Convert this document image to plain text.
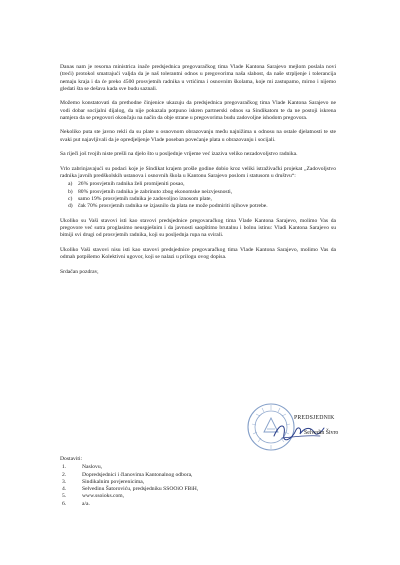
Danas nam je resorna ministrica inače predsjednica pregovaračkog tima Vlade Kantona Sarajevo mejlom poslala novi (treći) protokol smatrajući valjda da je naš tolerantni odnos u pregovorima naša slabost, da naše strpljenje i tolerancija nemaju kraja i da će preko 4500 prosvjetnih radnika u vrtićima i osnovnim školama, koje mi zastupamo, mirno i nijemo gledati šta se dešava kada sve budu saznali.

Možemo konstatovati da prethodne činjenice ukazuju da predsjednica pregovaračkog tima Vlade Kantona Sarajevo ne vodi dobar socijalni dijalog, da nije pokazala potpuno iskren partnerski odnos sa Sindikatom te da ne postoji iskrena namjera da se pregovori okončaju na način da obje strane u pregovorima budu zadovoljne ishodom pregovora.

Nekoliko puta ste javno rekli da su plate u osnovnom obrazovanju među najnižima u odnosu na ostale djelatnosti te ste svaki put najavljivali da je opredjeljenje Vlade poseban povećanje plata u obrazovanju i socijali.

Sa riječi još tvojih niste prešli na djelo što u posljednje vrijeme već izaziva veliko nezadovoljstvo radnika.

Vrlo zabrinjavajući su podaci koje je Sindikat krajem prošle godine dobio kroz veliki istraživački projekat „Zadovoljstvo radnika javnih predškolskih ustanova i osnovnih škola u Kantonu Sarajevo poslom i statusom u društvu“:

a)	26% prosvjetnih radnika želi promijeniti posao,
b) 80% prosvjetnih radnika je zabrinuto zbog ekonomske neizvjesnosti,
c)	samo 19% prosvjetnih radnika je zadovoljno iznosom plate,
d) čak 70% prosvjetnih radnika se izjasnilo da plata ne može podmiriti njihove potrebe.

Ukoliko su Vaši stavovi isti kao stavovi predsjednice pregovaračkog tima Vlade Kantona Sarajevo, molimo Vas da pregovore već sutra proglasimo neuspješnim i da javnosti saopštimo brutalnu i bolnu istinu: Vladi Kantona Sarajevo su bitniji svi drugi od prosvjetnih radnika, koji su posljednja rupa na svirali.

Ukoliko Vaši stavovi nisu isti kao stavovi predsjednice pregovaračkog tima Vlade Kantona Sarajevo, molimo Vas da odmah potpišemo Kolektivni ugovor, koji se nalazi u prilogu ovog dopisa.

Srdačan pozdrav,

PREDSJEDNIK
Selvedin Šivro
Dostaviti:
1.	Naslovu,
2.	Dopredsjednici i članovima Kantonalnog odbora,
3.	Sindikalnim povjerenicima,
4.	Selvedinu Šatoroviću, predsjedniku SSOOiO FBiH,
5.	www.ssoioks.com,
6.	a/a.
